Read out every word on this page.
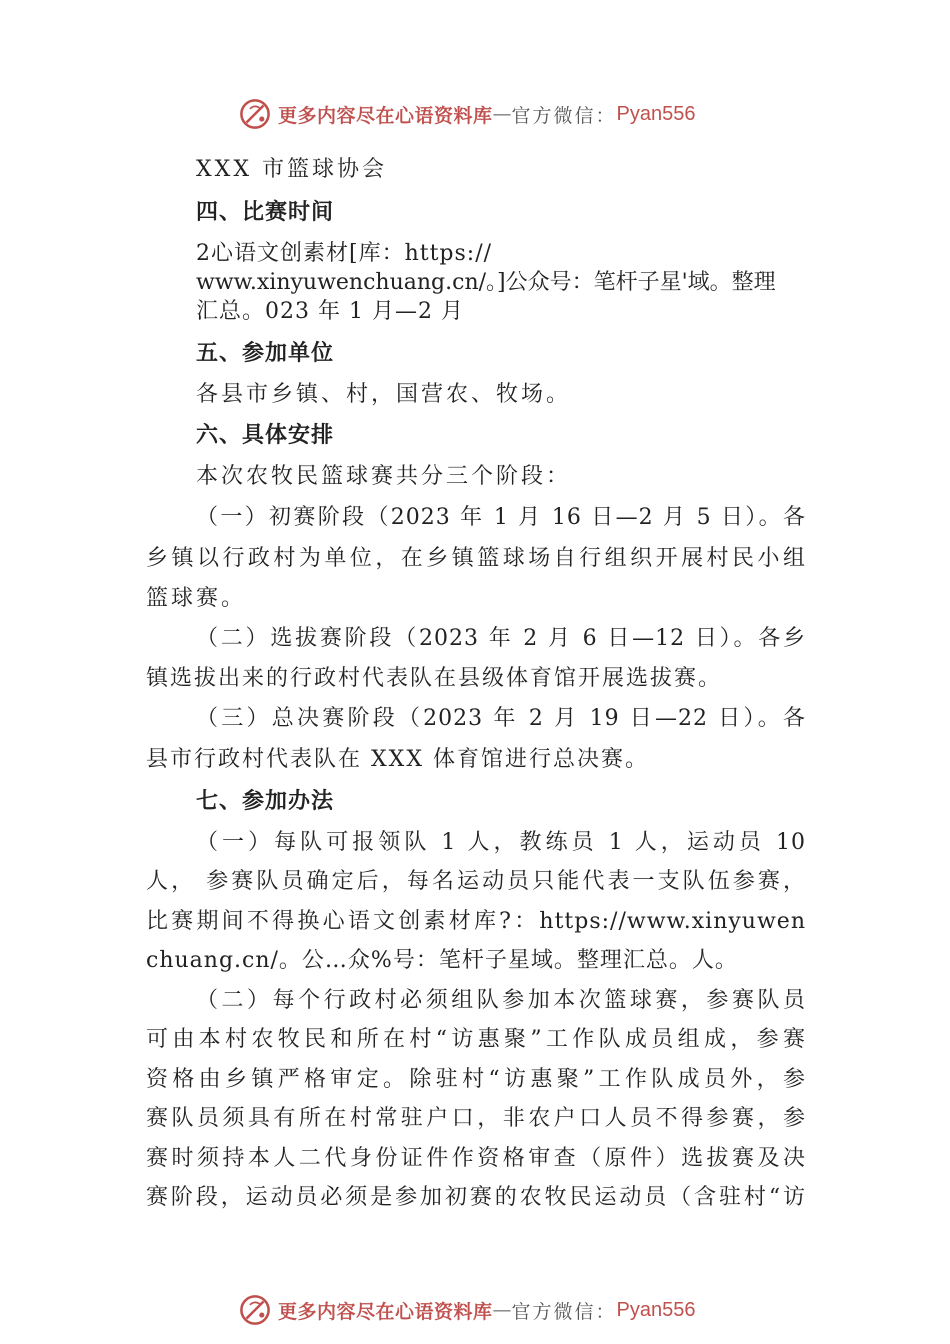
更多内容尽在心语资料库 — 官方微信： Pyan556
XXX 市篮球协会
四、比赛时间
2心语文创素材[库：https://
www.xinyuwenchuang.cn/。]公众号：笔杆子星'域。整理
汇总。023 年 1 月—2 月
五、参加单位
各县市乡镇、村，国营农、牧场。
六、具体安排
本次农牧民篮球赛共分三个阶段：
（一）初赛阶段（2023 年 1 月 16 日—2 月 5 日）。各
乡镇以行政村为单位，在乡镇篮球场自行组织开展村民小组
篮球赛。
（二）选拔赛阶段（2023 年 2 月 6 日—12 日）。各乡
镇选拔出来的行政村代表队在县级体育馆开展选拔赛。
（三）总决赛阶段（2023 年 2 月 19 日—22 日）。各
县市行政村代表队在 XXX 体育馆进行总决赛。
七、参加办法
（一）每队可报领队 1 人，教练员 1 人，运动员 10
人， 参赛队员确定后，每名运动员只能代表一支队伍参赛，
比赛期间不得换心语文创素材库?：https://www.xinyuwen
chuang.cn/。公…众%号：笔杆子星域。整理汇总。人。
（二）每个行政村必须组队参加本次篮球赛，参赛队员
可由本村农牧民和所在村“访惠聚”工作队成员组成，参赛
资格由乡镇严格审定。除驻村“访惠聚”工作队成员外，参
赛队员须具有所在村常驻户口，非农户口人员不得参赛，参
赛时须持本人二代身份证件作资格审查（原件）选拔赛及决
赛阶段，运动员必须是参加初赛的农牧民运动员（含驻村“访
更多内容尽在心语资料库 — 官方微信： Pyan556
